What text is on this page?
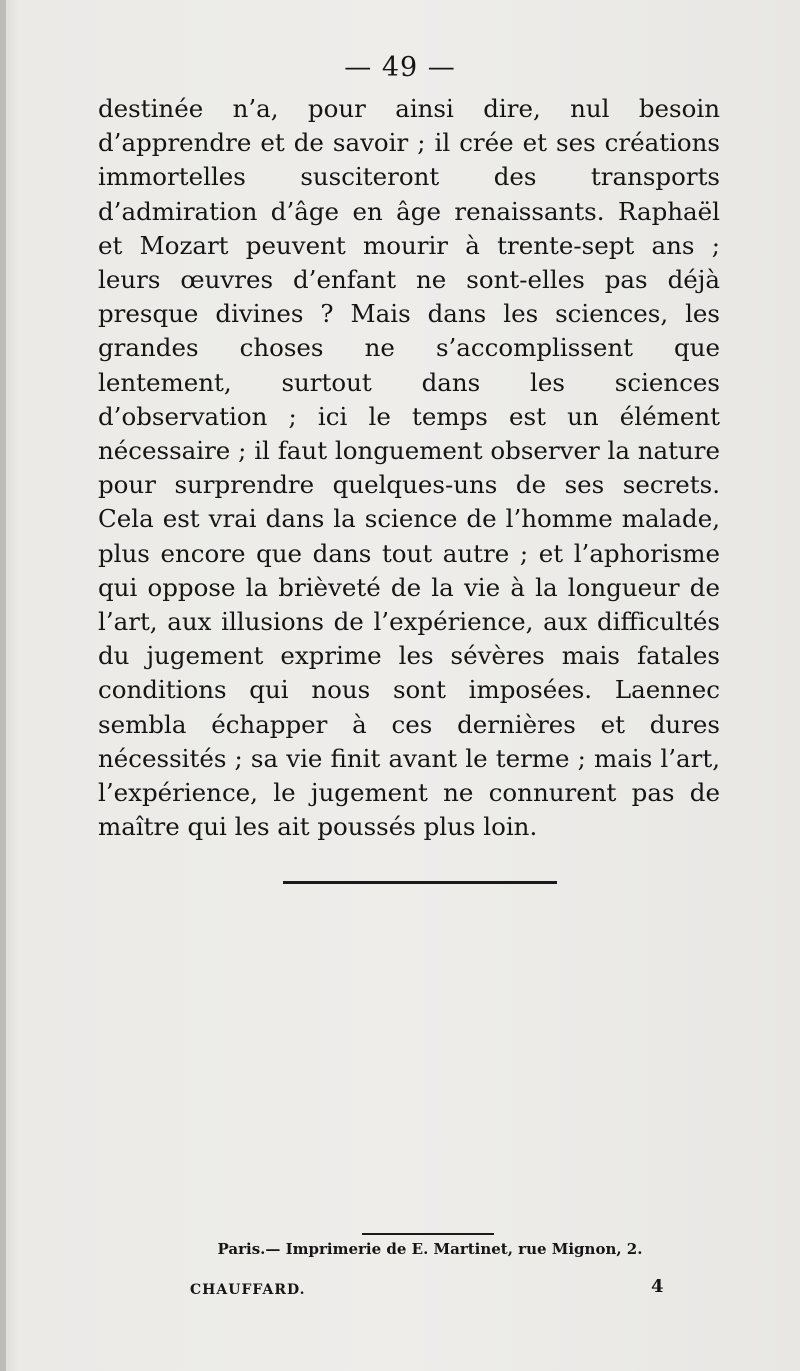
— 49 —

destinée n’a, pour ainsi dire, nul besoin d’apprendre et de savoir ; il crée et ses créations immortelles susciteront des transports d’admiration d’âge en âge renaissants. Raphaël et Mozart peuvent mourir à trente-sept ans ; leurs œuvres d’enfant ne sont-elles pas déjà presque divines ? Mais dans les sciences, les grandes choses ne s’accomplissent que lentement, surtout dans les sciences d’observation ; ici le temps est un élément nécessaire ; il faut longuement observer la nature pour surprendre quelques-uns de ses secrets. Cela est vrai dans la science de l’homme malade, plus encore que dans tout autre ; et l’aphorisme qui oppose la brièveté de la vie à la longueur de l’art, aux illusions de l’expérience, aux difficultés du jugement exprime les sévères mais fatales conditions qui nous sont imposées. Laennec sembla échapper à ces dernières et dures nécessités ; sa vie finit avant le terme ; mais l’art, l’expérience, le jugement ne connurent pas de maître qui les ait poussés plus loin.

Paris.— Imprimerie de E. Martinet, rue Mignon, 2.
CHAUFFARD.	4
